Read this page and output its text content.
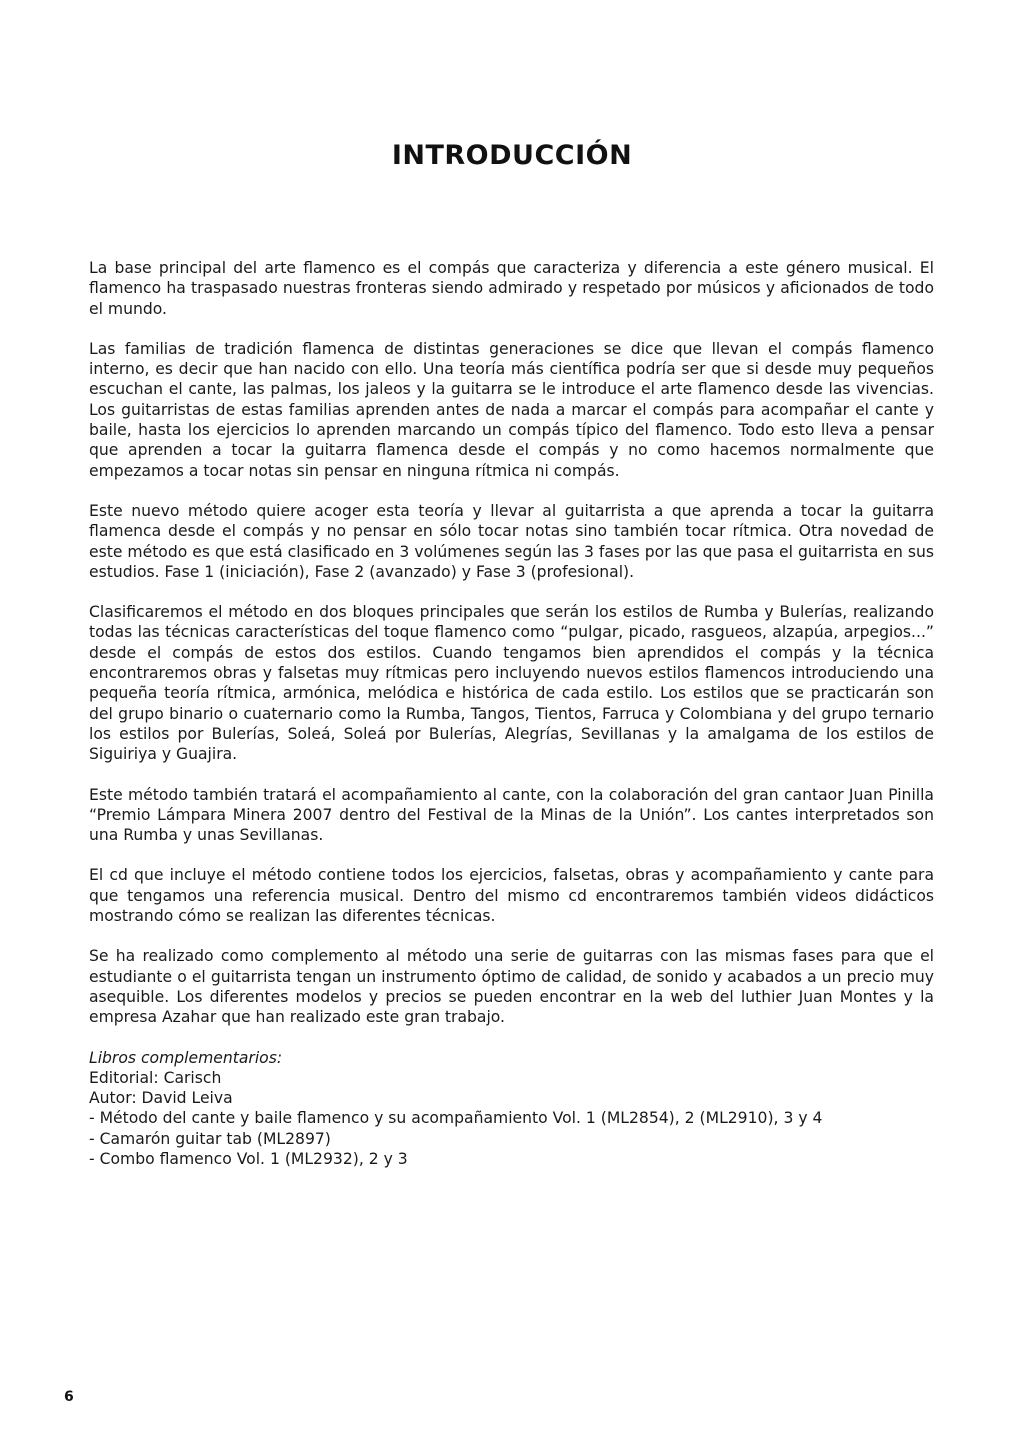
INTRODUCCIÓN

La base principal del arte flamenco es el compás que caracteriza y diferencia a este género musical. El flamenco ha traspasado nuestras fronteras siendo admirado y respetado por músicos y aficionados de todo el mundo.

Las familias de tradición flamenca de distintas generaciones se dice que llevan el compás flamenco interno, es decir que han nacido con ello. Una teoría más científica podría ser que si desde muy pequeños escuchan el cante, las palmas, los jaleos y la guitarra se le introduce el arte flamenco desde las vivencias. Los guitarristas de estas familias aprenden antes de nada a marcar el compás para acompañar el cante y baile, hasta los ejercicios lo aprenden marcando un compás típico del flamenco. Todo esto lleva a pensar que aprenden a tocar la guitarra flamenca desde el compás y no como hacemos normalmente que empezamos a tocar notas sin pensar en ninguna rítmica ni compás.

Este nuevo método quiere acoger esta teoría y llevar al guitarrista a que aprenda a tocar la guitarra flamenca desde el compás y no pensar en sólo tocar notas sino también tocar rítmica. Otra novedad de este método es que está clasificado en 3 volúmenes según las 3 fases por las que pasa el guitarrista en sus estudios. Fase 1 (iniciación), Fase 2 (avanzado) y Fase 3 (profesional).

Clasificaremos el método en dos bloques principales que serán los estilos de Rumba y Bulerías, realizando todas las técnicas características del toque flamenco como “pulgar, picado, rasgueos, alzapúa, arpegios...” desde el compás de estos dos estilos. Cuando tengamos bien aprendidos el compás y la técnica encontraremos obras y falsetas muy rítmicas pero incluyendo nuevos estilos flamencos introduciendo una pequeña teoría rítmica, armónica, melódica e histórica de cada estilo. Los estilos que se practicarán son del grupo binario o cuaternario como la Rumba, Tangos, Tientos, Farruca y Colombiana y del grupo ternario los estilos por Bulerías, Soleá, Soleá por Bulerías, Alegrías, Sevillanas y la amalgama de los estilos de Siguiriya y Guajira.

Este método también tratará el acompañamiento al cante, con la colaboración del gran cantaor Juan Pinilla “Premio Lámpara Minera 2007 dentro del Festival de la Minas de la Unión”. Los cantes interpretados son una Rumba y unas Sevillanas.

El cd que incluye el método contiene todos los ejercicios, falsetas, obras y acompañamiento y cante para que tengamos una referencia musical. Dentro del mismo cd encontraremos también videos didácticos mostrando cómo se realizan las diferentes técnicas.

Se ha realizado como complemento al método una serie de guitarras con las mismas fases para que el estudiante o el guitarrista tengan un instrumento óptimo de calidad, de sonido y acabados a un precio muy asequible. Los diferentes modelos y precios se pueden encontrar en la web del luthier Juan Montes y la empresa Azahar que han realizado este gran trabajo.

Libros complementarios:
Editorial: Carisch
Autor: David Leiva
- Método del cante y baile flamenco y su acompañamiento Vol. 1 (ML2854), 2 (ML2910), 3 y 4
- Camarón guitar tab (ML2897)
- Combo flamenco Vol. 1 (ML2932), 2 y 3
6
